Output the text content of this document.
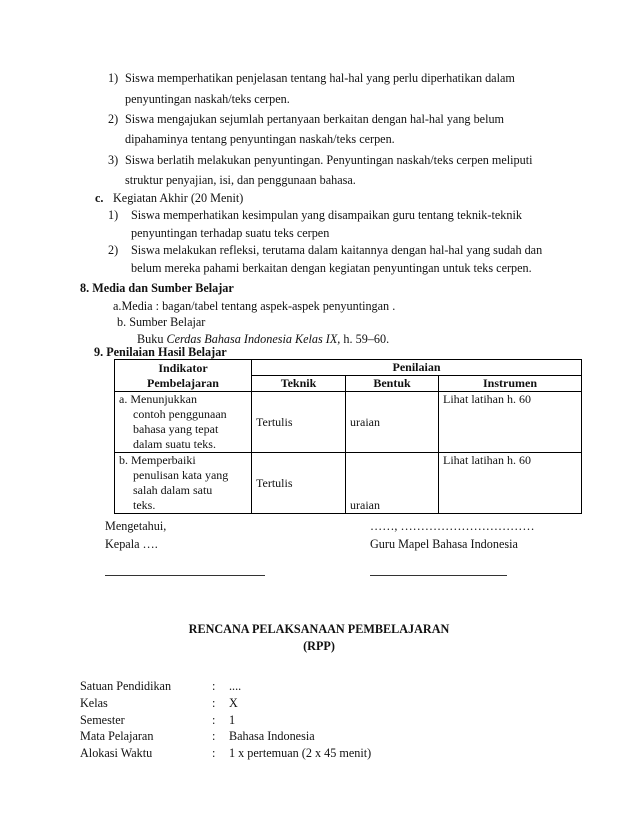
1) Siswa memperhatikan penjelasan tentang hal-hal yang perlu diperhatikan dalam
penyuntingan naskah/teks cerpen.
2) Siswa mengajukan sejumlah pertanyaan berkaitan dengan hal-hal yang belum
dipahaminya tentang penyuntingan naskah/teks cerpen.
3) Siswa berlatih melakukan penyuntingan. Penyuntingan naskah/teks cerpen meliputi
struktur penyajian, isi, dan penggunaan bahasa.
c. Kegiatan Akhir (20 Menit)
1) Siswa memperhatikan kesimpulan yang disampaikan guru tentang teknik-teknik
penyuntingan terhadap suatu teks cerpen
2) Siswa melakukan refleksi, terutama dalam kaitannya dengan hal-hal yang sudah dan
belum mereka pahami berkaitan dengan kegiatan penyuntingan untuk teks cerpen.
8. Media dan Sumber Belajar
a.Media : bagan/tabel tentang aspek-aspek penyuntingan .
b. Sumber Belajar
Buku Cerdas Bahasa Indonesia Kelas IX, h. 59–60.
9. Penilaian Hasil Belajar
Indikator
Pembelajaran	Penilaian		
	Teknik	Bentuk	Instrumen

a. Menunjukkan
contoh penggunaan
bahasa yang tepat
dalam suatu teks.	Tertulis	uraian	Lihat latihan h. 60

b. Memperbaiki
penulisan kata yang
salah dalam satu
teks.	Tertulis	uraian	Lihat latihan h. 60
Mengetahui,
Kepala ….
……, ……………………………
Guru Mapel Bahasa Indonesia
RENCANA PELAKSANAAN PEMBELAJARAN
(RPP)
Satuan Pendidikan	: ....
Kelas	: X
Semester	: 1
Mata Pelajaran	: Bahasa Indonesia
Alokasi Waktu	: 1 x pertemuan (2 x 45 menit)
